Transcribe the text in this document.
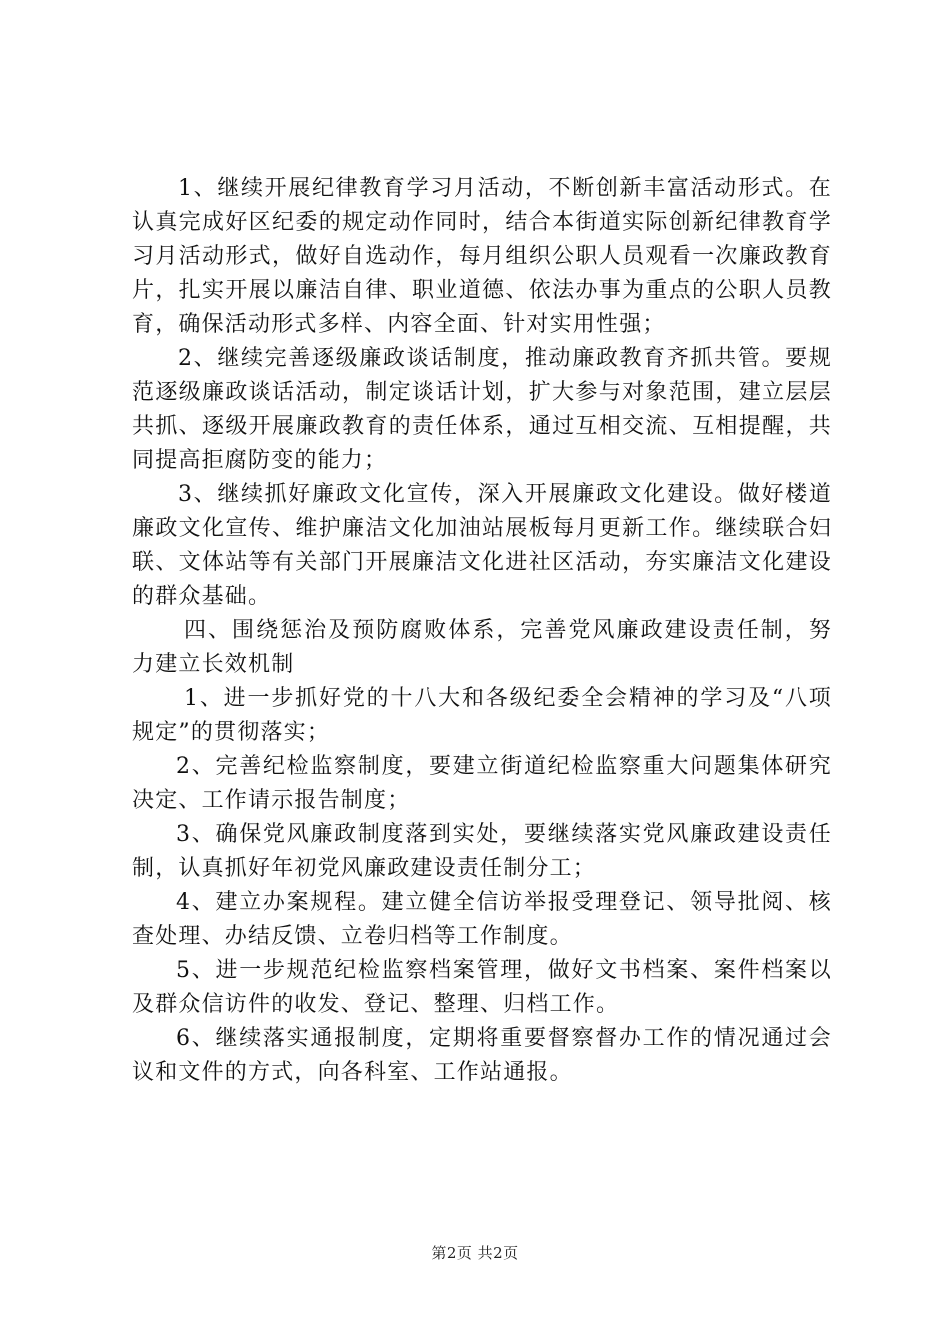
1、继续开展纪律教育学习月活动，不断创新丰富活动形式。在认真完成好区纪委的规定动作同时，结合本街道实际创新纪律教育学习月活动形式，做好自选动作，每月组织公职人员观看一次廉政教育片，扎实开展以廉洁自律、职业道德、依法办事为重点的公职人员教育，确保活动形式多样、内容全面、针对实用性强；

2、继续完善逐级廉政谈话制度，推动廉政教育齐抓共管。要规范逐级廉政谈话活动，制定谈话计划，扩大参与对象范围，建立层层共抓、逐级开展廉政教育的责任体系，通过互相交流、互相提醒，共同提高拒腐防变的能力；

3、继续抓好廉政文化宣传，深入开展廉政文化建设。做好楼道廉政文化宣传、维护廉洁文化加油站展板每月更新工作。继续联合妇联、文体站等有关部门开展廉洁文化进社区活动，夯实廉洁文化建设的群众基础。

四、围绕惩治及预防腐败体系，完善党风廉政建设责任制，努力建立长效机制

1、进一步抓好党的十八大和各级纪委全会精神的学习及“八项规定”的贯彻落实；

2、完善纪检监察制度，要建立街道纪检监察重大问题集体研究决定、工作请示报告制度；

3、确保党风廉政制度落到实处，要继续落实党风廉政建设责任制，认真抓好年初党风廉政建设责任制分工；

4、建立办案规程。建立健全信访举报受理登记、领导批阅、核查处理、办结反馈、立卷归档等工作制度。

5、进一步规范纪检监察档案管理，做好文书档案、案件档案以及群众信访件的收发、登记、整理、归档工作。

6、继续落实通报制度，定期将重要督察督办工作的情况通过会议和文件的方式，向各科室、工作站通报。

第2页 共2页
